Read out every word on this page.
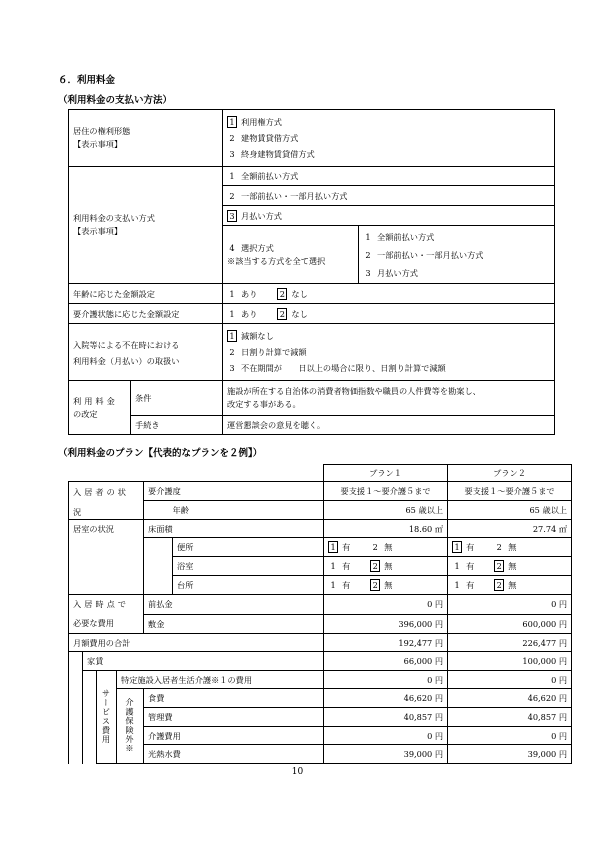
６．利用料金
（利用料金の支払い方法）
居住の権利形態
【表示事項】		1 利用権方式
2 建物賃貸借方式
3 終身建物賃貸借方式	

利用料金の支払い方式
【表示事項】		1 全額前払い方式	
		2 一部前払い・一部月払い方式	
		3 月払い方式	

		4 選択方式
※該当する方式を全て選択	1 全額前払い方式
2 一部前払い・一部月払い方式
3 月払い方式

年齢に応じた金額設定		1 あり 2 なし	
要介護状態に応じた金額設定		1 あり 2 なし	

入院等による不在時における
利用料金（月払い）の取扱い		1 減額なし
2 日割り計算で減額
3 不在期間が　　日以上の場合に限り、日割り計算で減額	

利用料金
の改定	条件	施設が所在する自治体の消費者物価指数や職員の人件費等を勘案し、
改定する事がある。	

	手続き	運営懇談会の意見を聴く。	
（利用料金のプラン【代表的なプランを２例】）
						プラン１	プラン２

入居者の状
況				要介護度		要支援１～要介護５まで	要支援１～要介護５まで
					年齢	65 歳以上	65 歳以上
居室の状況				床面積		18.60 ㎡	27.74 ㎡
					便所	1 有 2 無	1 有 2 無
					浴室	1 有 2 無	1 有 2 無
					台所	1 有 2 無	1 有 2 無

入居時点で
必要な費用				前払金		0 円	0 円
				敷金		396,000 円	600,000 円
月額費用の合計						192,477 円	226,477 円
	家賃					66,000 円	100,000 円
		サービス費用	特定施設入居者生活介護※１の費用			0 円	0 円
			介護保険外※	食費		46,620 円	46,620 円
				管理費		40,857 円	40,857 円
				介護費用		0 円	0 円
				光熱水費		39,000 円	39,000 円
10
